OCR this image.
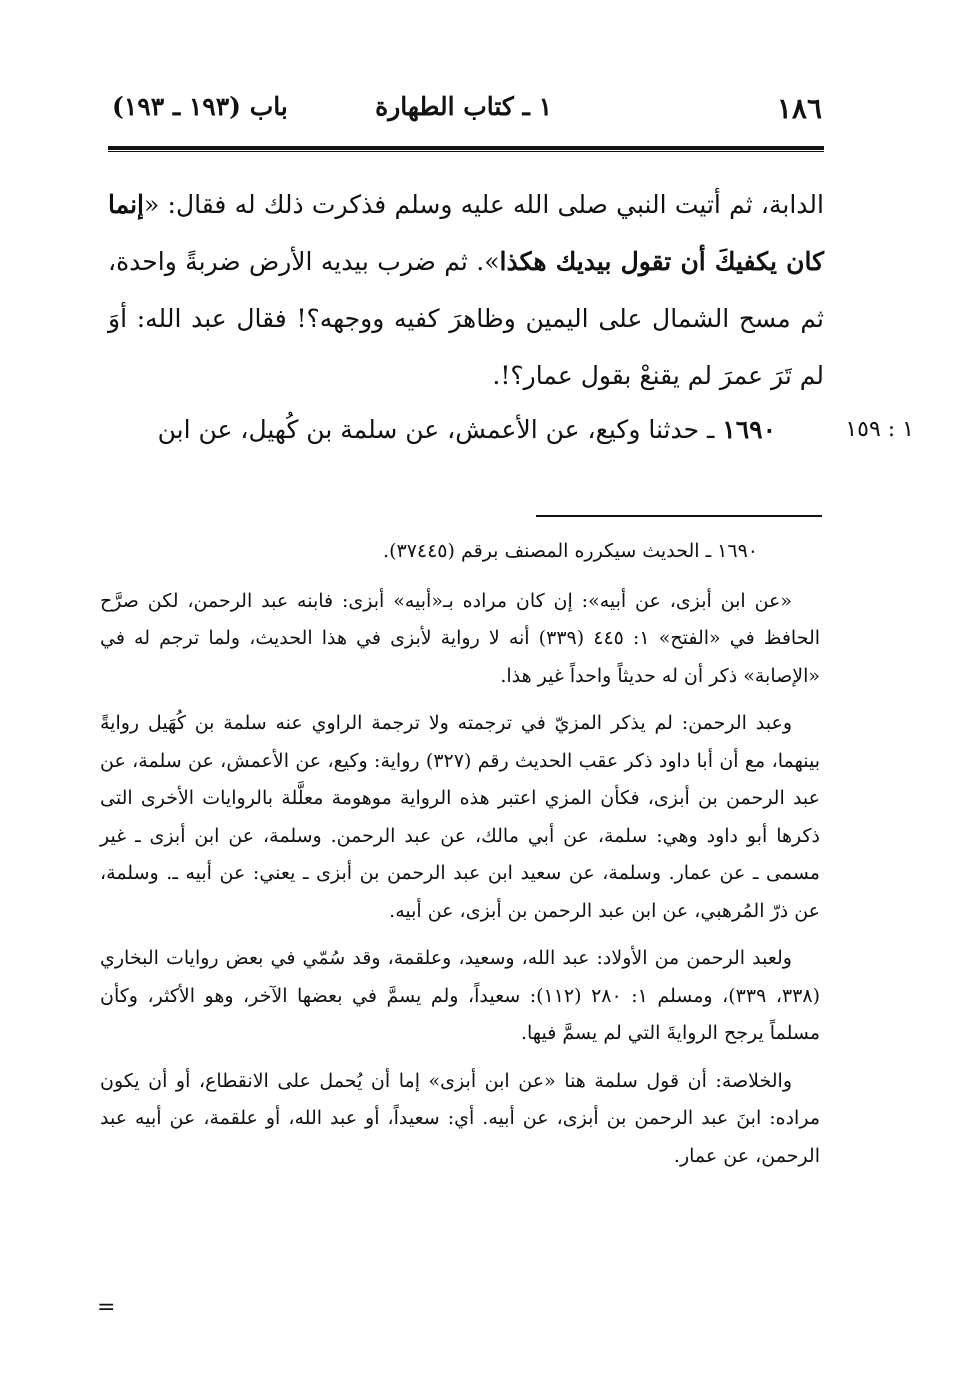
١٨٦
١ ـ كتاب الطهارة
باب (١٩٣ ـ ١٩٣)

الدابة، ثم أتيت النبي صلى الله عليه وسلم فذكرت ذلك له فقال: «إنما كان يكفيكَ أن تقول بيديك هكذا». ثم ضرب بيديه الأرض ضربةً واحدة، ثم مسح الشمال على اليمين وظاهرَ كفيه ووجهه؟! فقال عبد الله: أوَ لم تَرَ عمرَ لم يقنعْ بقول عمار؟!.

١٦٩٠ ـ حدثنا وكيع، عن الأعمش، عن سلمة بن كُهيل، عن ابن	١ : ١٥٩

١٦٩٠ ـ الحديث سيكرره المصنف برقم (٣٧٤٤٥).

«عن ابن أبزى، عن أبيه»: إن كان مراده بـ«أبيه» أبزى: فابنه عبد الرحمن، لكن صرَّح الحافظ في «الفتح» ١: ٤٤٥ (٣٣٩) أنه لا رواية لأبزى في هذا الحديث، ولما ترجم له في «الإصابة» ذكر أن له حديثاً واحداً غير هذا.

وعبد الرحمن: لم يذكر المزيّ في ترجمته ولا ترجمة الراوي عنه سلمة بن كُهَيل روايةً بينهما، مع أن أبا داود ذكر عقب الحديث رقم (٣٢٧) رواية: وكيع، عن الأعمش، عن سلمة، عن عبد الرحمن بن أبزى، فكأن المزي اعتبر هذه الرواية موهومة معلَّلة بالروايات الأخرى التى ذكرها أبو داود وهي: سلمة، عن أبي مالك، عن عبد الرحمن. وسلمة، عن ابن أبزى ـ غير مسمى ـ عن عمار. وسلمة، عن سعيد ابن عبد الرحمن بن أبزى ـ يعني: عن أبيه ـ. وسلمة، عن ذرّ المُرهبي، عن ابن عبد الرحمن بن أبزى، عن أبيه.

ولعبد الرحمن من الأولاد: عبد الله، وسعيد، وعلقمة، وقد سُمّي في بعض روايات البخاري (٣٣٨، ٣٣٩)، ومسلم ١: ٢٨٠ (١١٢): سعيداً، ولم يسمَّ في بعضها الآخر، وهو الأكثر، وكأن مسلماً يرجح الروايةَ التي لم يسمَّ فيها.

والخلاصة: أن قول سلمة هنا «عن ابن أبزى» إما أن يُحمل على الانقطاع، أو أن يكون مراده: ابنَ عبد الرحمن بن أبزى، عن أبيه. أي: سعيداً، أو عبد الله، أو علقمة، عن أبيه عبد الرحمن، عن عمار.

=
